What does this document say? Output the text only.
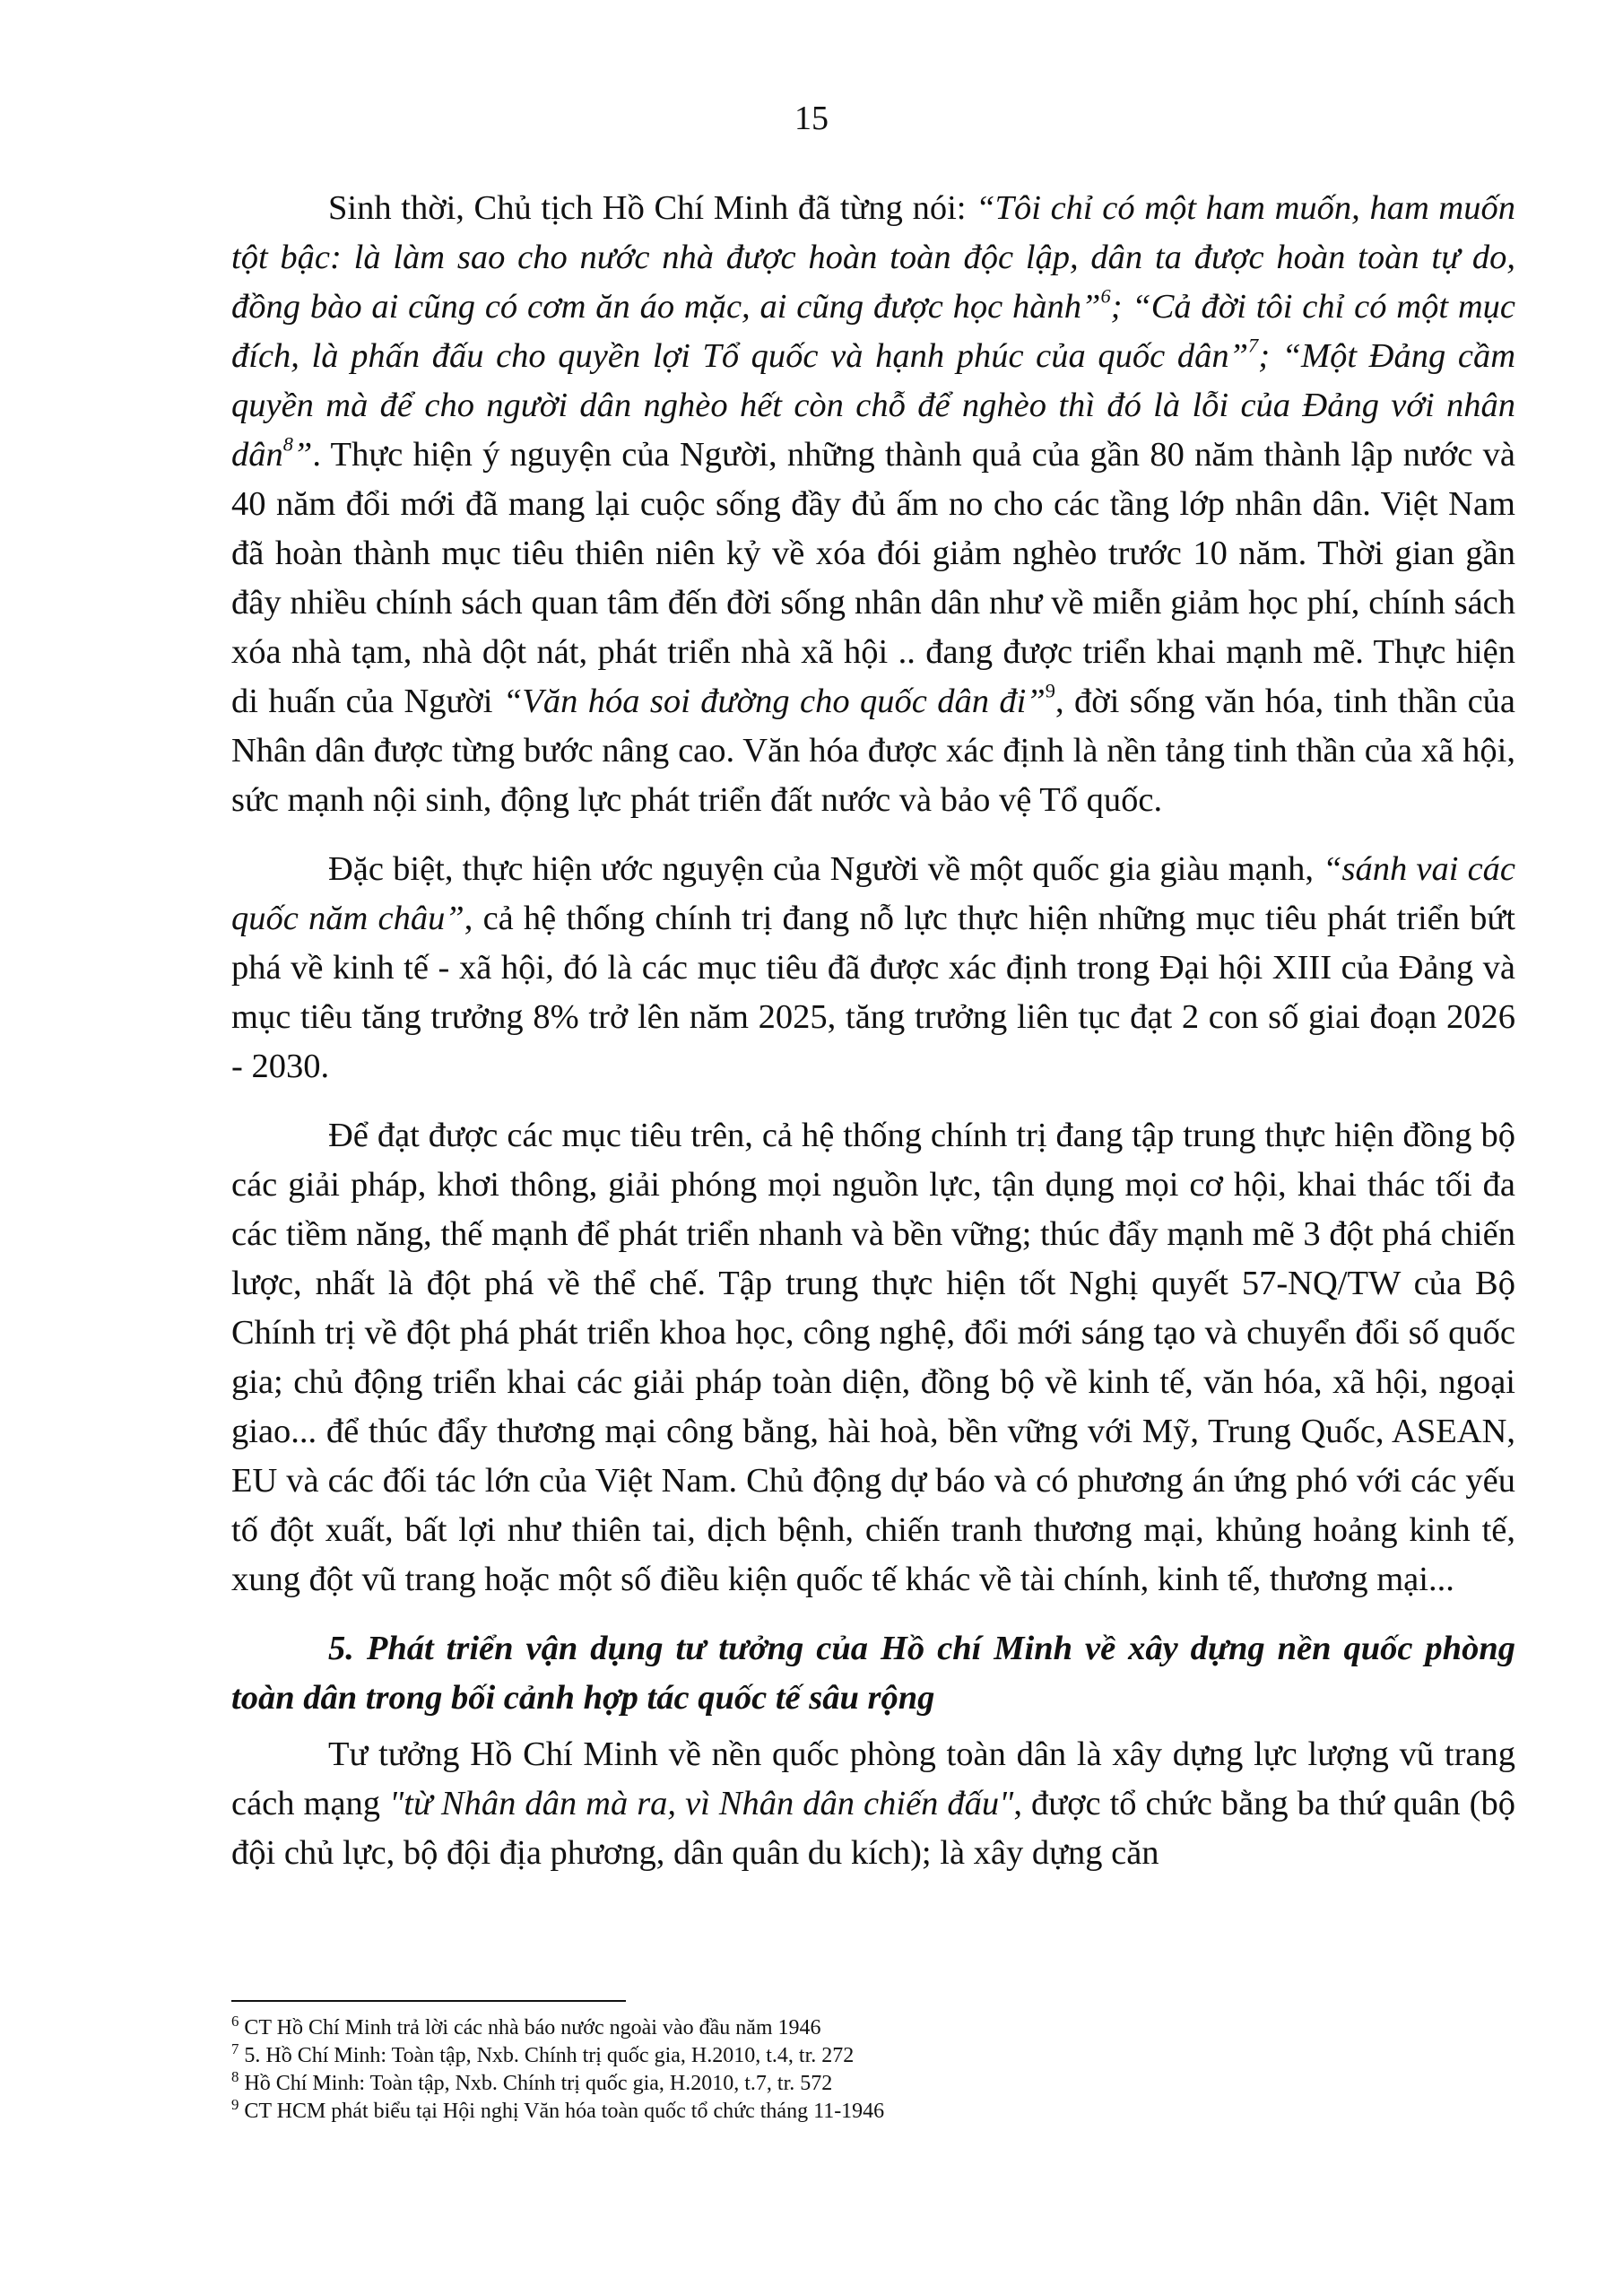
15

Sinh thời, Chủ tịch Hồ Chí Minh đã từng nói: “Tôi chỉ có một ham muốn, ham muốn tột bậc: là làm sao cho nước nhà được hoàn toàn độc lập, dân ta được hoàn toàn tự do, đồng bào ai cũng có cơm ăn áo mặc, ai cũng được học hành”$^6$; “Cả đời tôi chỉ có một mục đích, là phấn đấu cho quyền lợi Tổ quốc và hạnh phúc của quốc dân”$^7$; “Một Đảng cầm quyền mà để cho người dân nghèo hết còn chỗ để nghèo thì đó là lỗi của Đảng với nhân dân$^8$”. Thực hiện ý nguyện của Người, những thành quả của gần 80 năm thành lập nước và 40 năm đổi mới đã mang lại cuộc sống đầy đủ ấm no cho các tầng lớp nhân dân. Việt Nam đã hoàn thành mục tiêu thiên niên kỷ về xóa đói giảm nghèo trước 10 năm. Thời gian gần đây nhiều chính sách quan tâm đến đời sống nhân dân như về miễn giảm học phí, chính sách xóa nhà tạm, nhà dột nát, phát triển nhà xã hội .. đang được triển khai mạnh mẽ. Thực hiện di huấn của Người “Văn hóa soi đường cho quốc dân đi”$^9$, đời sống văn hóa, tinh thần của Nhân dân được từng bước nâng cao. Văn hóa được xác định là nền tảng tinh thần của xã hội, sức mạnh nội sinh, động lực phát triển đất nước và bảo vệ Tổ quốc.

Đặc biệt, thực hiện ước nguyện của Người về một quốc gia giàu mạnh, “sánh vai các quốc năm châu”, cả hệ thống chính trị đang nỗ lực thực hiện những mục tiêu phát triển bứt phá về kinh tế - xã hội, đó là các mục tiêu đã được xác định trong Đại hội XIII của Đảng và mục tiêu tăng trưởng 8% trở lên năm 2025, tăng trưởng liên tục đạt 2 con số giai đoạn 2026 - 2030.

Để đạt được các mục tiêu trên, cả hệ thống chính trị đang tập trung thực hiện đồng bộ các giải pháp, khơi thông, giải phóng mọi nguồn lực, tận dụng mọi cơ hội, khai thác tối đa các tiềm năng, thế mạnh để phát triển nhanh và bền vững; thúc đẩy mạnh mẽ 3 đột phá chiến lược, nhất là đột phá về thể chế. Tập trung thực hiện tốt Nghị quyết 57-NQ/TW của Bộ Chính trị về đột phá phát triển khoa học, công nghệ, đổi mới sáng tạo và chuyển đổi số quốc gia; chủ động triển khai các giải pháp toàn diện, đồng bộ về kinh tế, văn hóa, xã hội, ngoại giao... để thúc đẩy thương mại công bằng, hài hoà, bền vững với Mỹ, Trung Quốc, ASEAN, EU và các đối tác lớn của Việt Nam. Chủ động dự báo và có phương án ứng phó với các yếu tố đột xuất, bất lợi như thiên tai, dịch bệnh, chiến tranh thương mại, khủng hoảng kinh tế, xung đột vũ trang hoặc một số điều kiện quốc tế khác về tài chính, kinh tế, thương mại...

5. Phát triển vận dụng tư tưởng của Hồ chí Minh về xây dựng nền quốc phòng toàn dân trong bối cảnh hợp tác quốc tế sâu rộng

Tư tưởng Hồ Chí Minh về nền quốc phòng toàn dân là xây dựng lực lượng vũ trang cách mạng "từ Nhân dân mà ra, vì Nhân dân chiến đấu", được tổ chức bằng ba thứ quân (bộ đội chủ lực, bộ đội địa phương, dân quân du kích); là xây dựng căn

$^6$ CT Hồ Chí Minh trả lời các nhà báo nước ngoài vào đầu năm 1946

$^7$ 5. Hồ Chí Minh: Toàn tập, Nxb. Chính trị quốc gia, H.2010, t.4, tr. 272

$^8$ Hồ Chí Minh: Toàn tập, Nxb. Chính trị quốc gia, H.2010, t.7, tr. 572

$^9$ CT HCM phát biểu tại Hội nghị Văn hóa toàn quốc tổ chức tháng 11-1946
